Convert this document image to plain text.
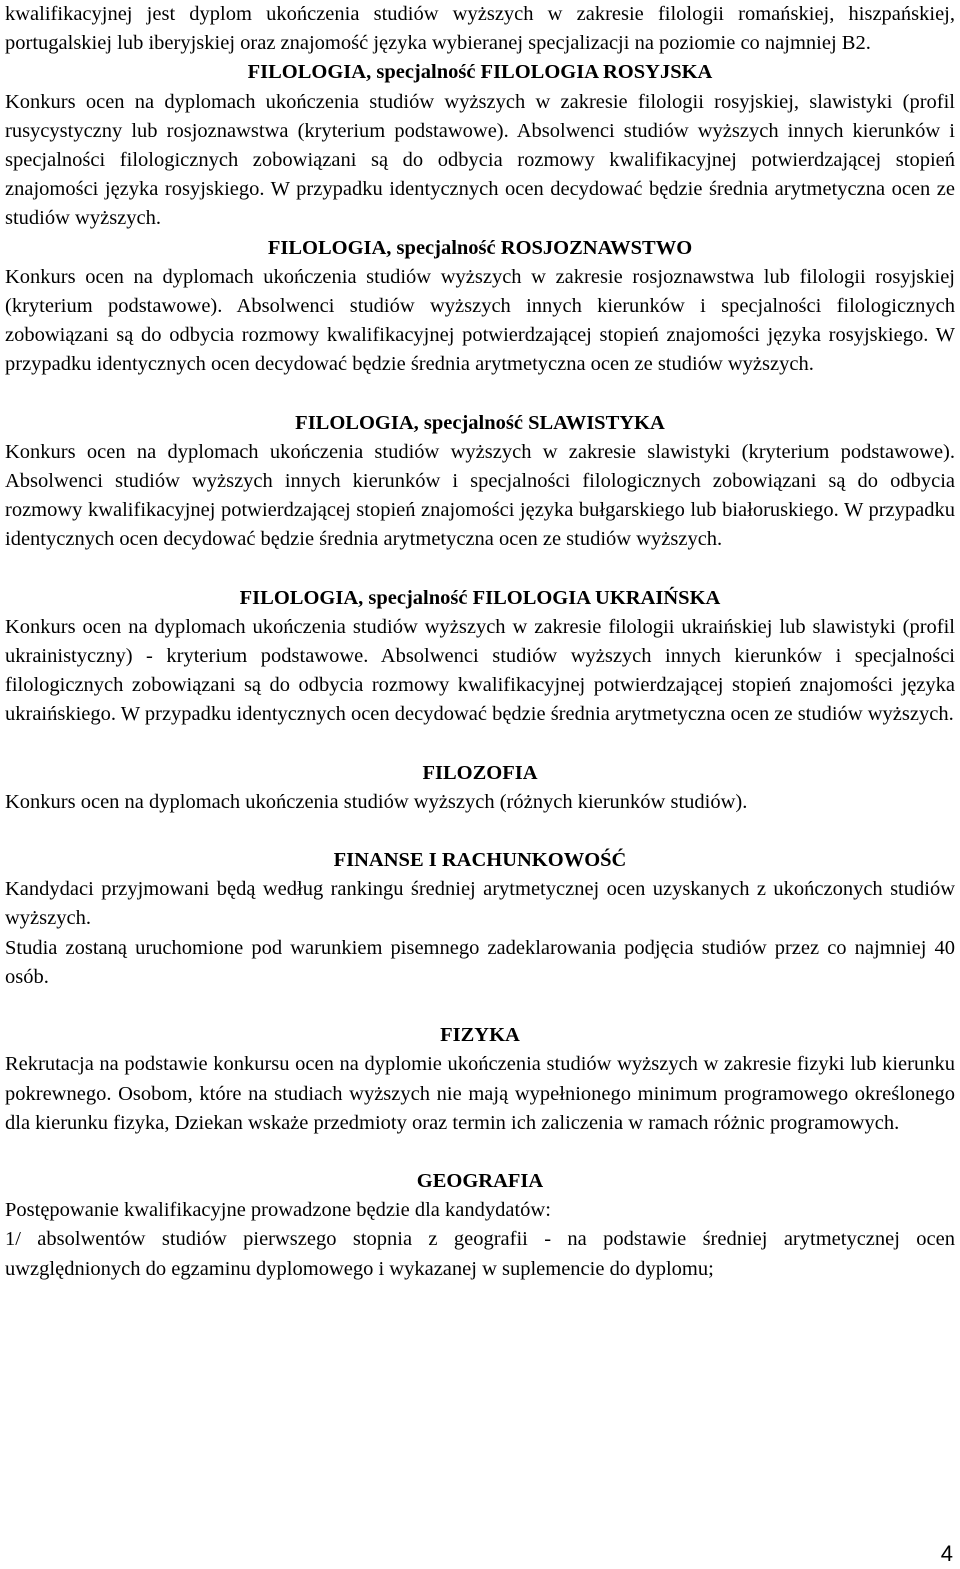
kwalifikacyjnej jest dyplom ukończenia studiów wyższych w zakresie filologii romańskiej, hiszpańskiej, portugalskiej lub iberyjskiej oraz znajomość języka wybieranej specjalizacji na poziomie co najmniej B2.

FILOLOGIA, specjalność FILOLOGIA ROSYJSKA

Konkurs ocen na dyplomach ukończenia studiów wyższych w zakresie filologii rosyjskiej, slawistyki (profil rusycystyczny lub rosjoznawstwa (kryterium podstawowe). Absolwenci studiów wyższych innych kierunków i specjalności filologicznych zobowiązani są do odbycia rozmowy kwalifikacyjnej potwierdzającej stopień znajomości języka rosyjskiego. W przypadku identycznych ocen decydować będzie średnia arytmetyczna ocen ze studiów wyższych.

FILOLOGIA, specjalność ROSJOZNAWSTWO

Konkurs ocen na dyplomach ukończenia studiów wyższych w zakresie rosjoznawstwa lub filologii rosyjskiej (kryterium podstawowe). Absolwenci studiów wyższych innych kierunków i specjalności filologicznych zobowiązani są do odbycia rozmowy kwalifikacyjnej potwierdzającej stopień znajomości języka rosyjskiego. W przypadku identycznych ocen decydować będzie średnia arytmetyczna ocen ze studiów wyższych.

FILOLOGIA, specjalność SLAWISTYKA

Konkurs ocen na dyplomach ukończenia studiów wyższych w zakresie slawistyki (kryterium podstawowe). Absolwenci studiów wyższych innych kierunków i specjalności filologicznych zobowiązani są do odbycia rozmowy kwalifikacyjnej potwierdzającej stopień znajomości języka bułgarskiego lub białoruskiego. W przypadku identycznych ocen decydować będzie średnia arytmetyczna ocen ze studiów wyższych.

FILOLOGIA, specjalność FILOLOGIA UKRAIŃSKA

Konkurs ocen na dyplomach ukończenia studiów wyższych w zakresie filologii ukraińskiej lub slawistyki (profil ukrainistyczny) - kryterium podstawowe. Absolwenci studiów wyższych innych kierunków i specjalności filologicznych zobowiązani są do odbycia rozmowy kwalifikacyjnej potwierdzającej stopień znajomości języka ukraińskiego. W przypadku identycznych ocen decydować będzie średnia arytmetyczna ocen ze studiów wyższych.

FILOZOFIA

Konkurs ocen na dyplomach ukończenia studiów wyższych (różnych kierunków studiów).

FINANSE I RACHUNKOWOŚĆ

Kandydaci przyjmowani będą według rankingu średniej arytmetycznej ocen uzyskanych z ukończonych studiów wyższych.

Studia zostaną uruchomione pod warunkiem pisemnego zadeklarowania podjęcia studiów przez co najmniej 40 osób.

FIZYKA

Rekrutacja na podstawie konkursu ocen na dyplomie ukończenia studiów wyższych w zakresie fizyki lub kierunku pokrewnego. Osobom, które na studiach wyższych nie mają wypełnionego minimum programowego określonego dla kierunku fizyka, Dziekan wskaże przedmioty oraz termin ich zaliczenia w ramach różnic programowych.

GEOGRAFIA

Postępowanie kwalifikacyjne prowadzone będzie dla kandydatów:

1/ absolwentów studiów pierwszego stopnia z geografii - na podstawie średniej arytmetycznej ocen uwzględnionych do egzaminu dyplomowego i wykazanej w suplemencie do dyplomu;

4
